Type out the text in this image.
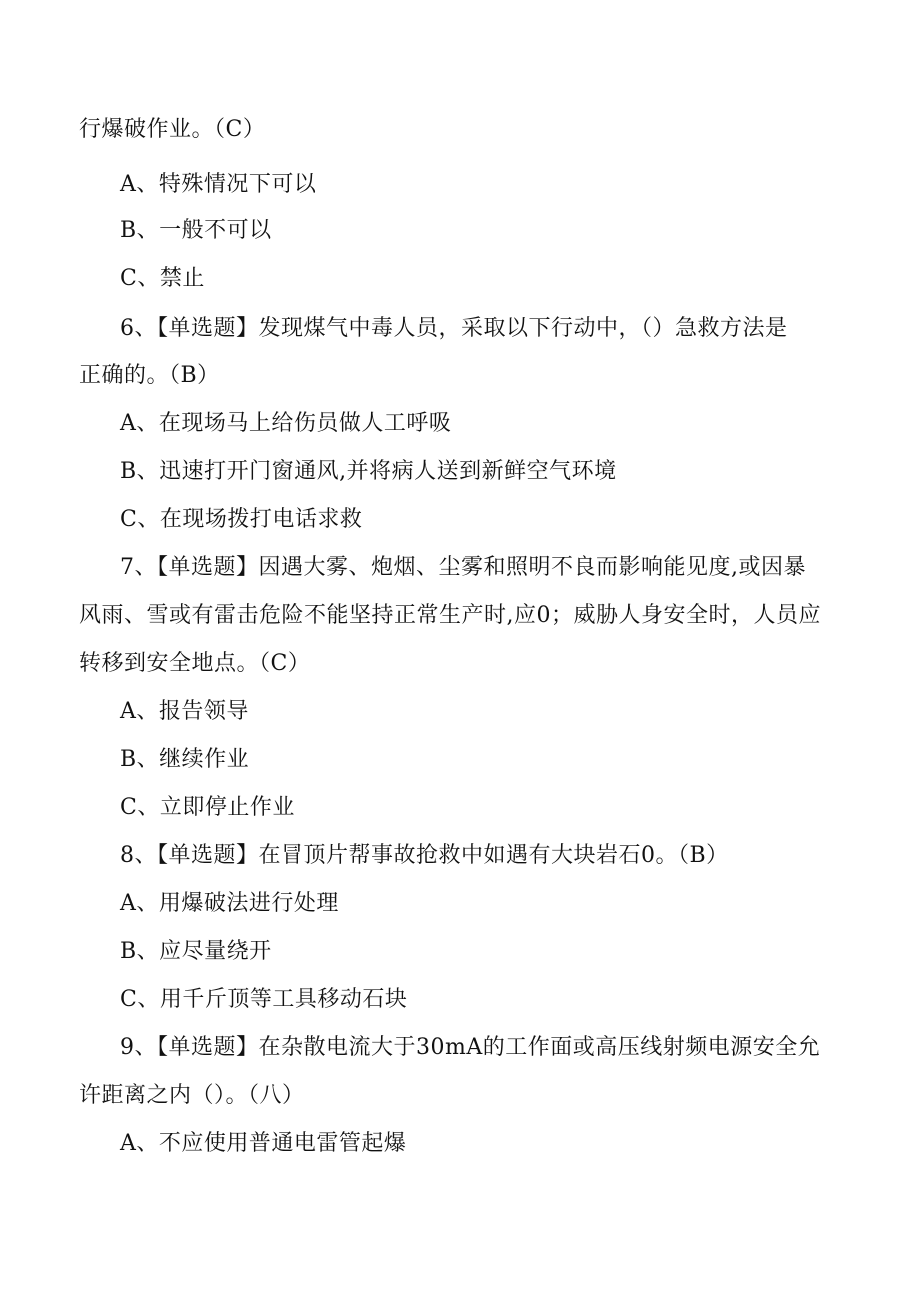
行爆破作业。（C）
A、特殊情况下可以
B、一般不可以
C、禁止
6、【单选题】发现煤气中毒人员，采取以下行动中，（）急救方法是
正确的。（B）
A、在现场马上给伤员做人工呼吸
B、迅速打开门窗通风,并将病人送到新鲜空气环境
C、在现场拨打电话求救
7、【单选题】因遇大雾、炮烟、尘雾和照明不良而影响能见度,或因暴
风雨、雪或有雷击危险不能坚持正常生产时,应0；威胁人身安全时，人员应
转移到安全地点。（C）
A、报告领导
B、继续作业
C、立即停止作业
8、【单选题】在冒顶片帮事故抢救中如遇有大块岩石0。（B）
A、用爆破法进行处理
B、应尽量绕开
C、用千斤顶等工具移动石块
9、【单选题】在杂散电流大于30mA的工作面或高压线射频电源安全允
许距离之内（）。（八）
A、不应使用普通电雷管起爆
